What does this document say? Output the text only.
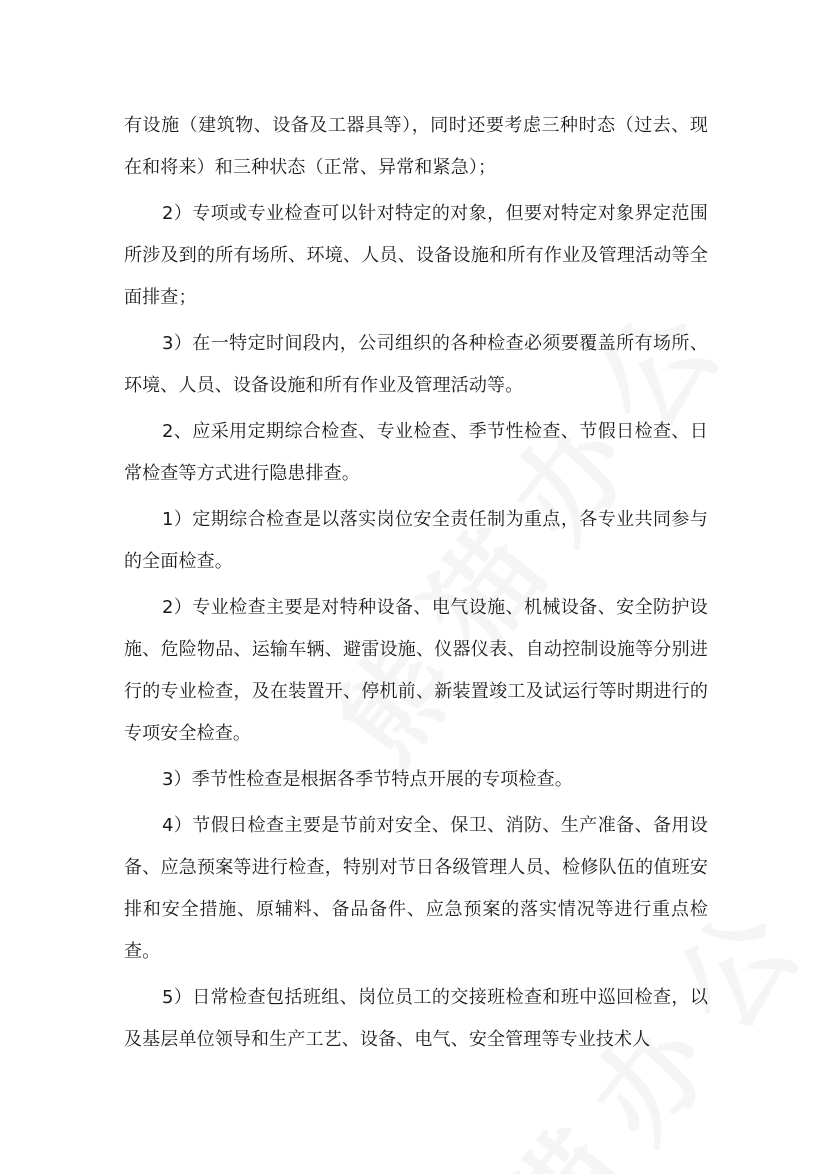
有设施（建筑物、设备及工器具等），同时还要考虑三种时态（过去、现在和将来）和三种状态（正常、异常和紧急）；

2）专项或专业检查可以针对特定的对象，但要对特定对象界定范围所涉及到的所有场所、环境、人员、设备设施和所有作业及管理活动等全面排查；

3）在一特定时间段内，公司组织的各种检查必须要覆盖所有场所、环境、人员、设备设施和所有作业及管理活动等。

2、应采用定期综合检查、专业检查、季节性检查、节假日检查、日常检查等方式进行隐患排查。

1）定期综合检查是以落实岗位安全责任制为重点，各专业共同参与的全面检查。

2）专业检查主要是对特种设备、电气设施、机械设备、安全防护设施、危险物品、运输车辆、避雷设施、仪器仪表、自动控制设施等分别进行的专业检查，及在装置开、停机前、新装置竣工及试运行等时期进行的专项安全检查。

3）季节性检查是根据各季节特点开展的专项检查。

4）节假日检查主要是节前对安全、保卫、消防、生产准备、备用设备、应急预案等进行检查，特别对节日各级管理人员、检修队伍的值班安排和安全措施、原辅料、备品备件、应急预案的落实情况等进行重点检查。

5）日常检查包括班组、岗位员工的交接班检查和班中巡回检查，以及基层单位领导和生产工艺、设备、电气、安全管理等专业技术人
